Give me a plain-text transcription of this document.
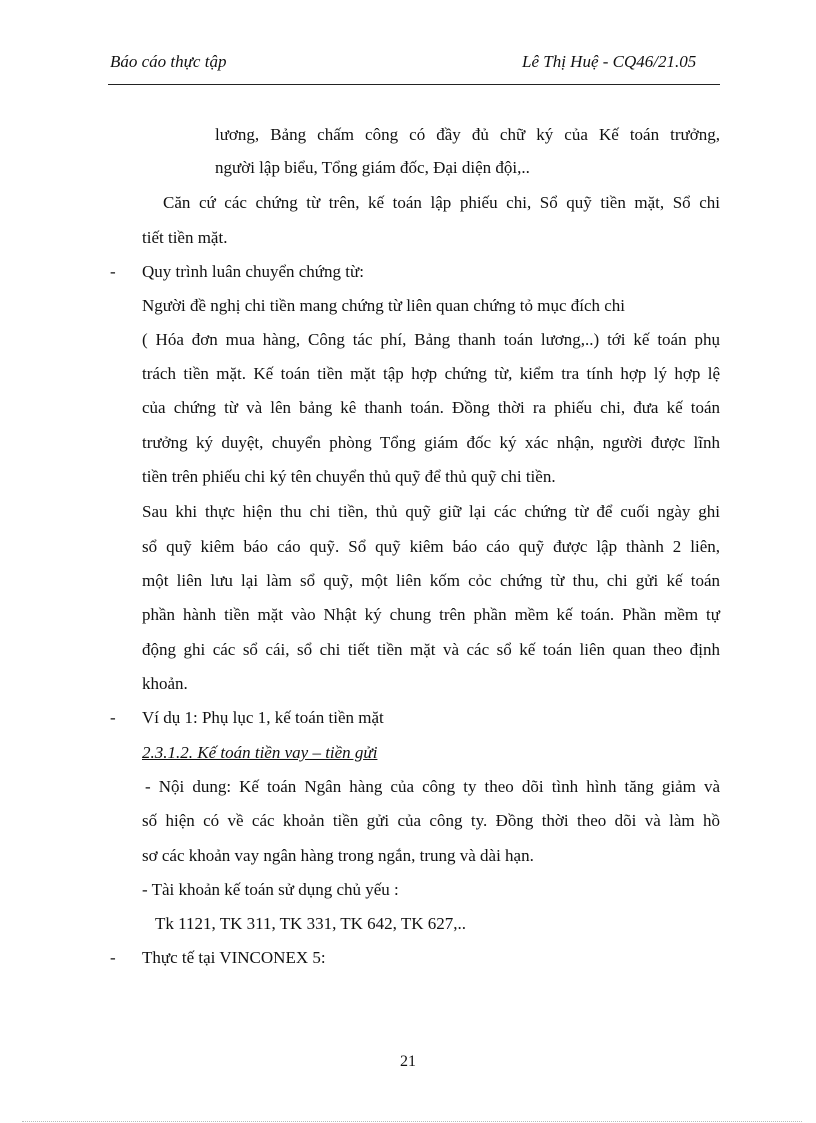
Báo cáo thực tập	Lê Thị Huệ - CQ46/21.05
lương, Bảng chấm công có đầy đủ chữ ký của Kế toán trưởng,
người lập biểu, Tổng giám đốc, Đại diện đội,..
Căn cứ các chứng từ trên, kế toán lập phiếu chi, Sổ quỹ tiền mặt, Sổ chi
tiết tiền mặt.
- Quy trình luân chuyển chứng từ:
Người đề nghị chi tiền mang chứng từ liên quan chứng tỏ mục đích chi
( Hóa đơn mua hàng, Công tác phí, Bảng thanh toán lương,..) tới kế toán phụ
trách tiền mặt. Kế toán tiền mặt tập hợp chứng từ, kiểm tra tính hợp lý hợp lệ
của chứng từ và lên bảng kê thanh toán. Đồng thời ra phiếu chi, đưa kế toán
trưởng ký duyệt, chuyển phòng Tổng giám đốc ký xác nhận, người được lĩnh
tiền trên phiếu chi ký tên chuyển thủ quỹ để thủ quỹ chi tiền.
Sau khi thực hiện thu chi tiền, thủ quỹ giữ lại các chứng từ để cuối ngày ghi
sổ quỹ kiêm báo cáo quỹ. Sổ quỹ kiêm báo cáo quỹ được lập thành 2 liên,
một liên lưu lại làm sổ quỹ, một liên kốm cỏc chứng từ thu, chi gửi kế toán
phần hành tiền mặt vào Nhật ký chung trên phần mềm kế toán. Phần mềm tự
động ghi các sổ cái, sổ chi tiết tiền mặt và các sổ kế toán liên quan theo định
khoản.
- Ví dụ 1: Phụ lục 1, kế toán tiền mặt
2.3.1.2. Kế toán tiền vay – tiền gửi
- Nội dung: Kế toán Ngân hàng của công ty theo dõi tình hình tăng giảm và
số hiện có về các khoản tiền gửi của công ty. Đồng thời theo dõi và làm hồ
sơ các khoản vay ngân hàng trong ngắn, trung và dài hạn.
- Tài khoản kế toán sử dụng chủ yếu :
Tk 1121, TK 311, TK 331, TK 642, TK 627,..
- Thực tế tại VINCONEX 5:
21
